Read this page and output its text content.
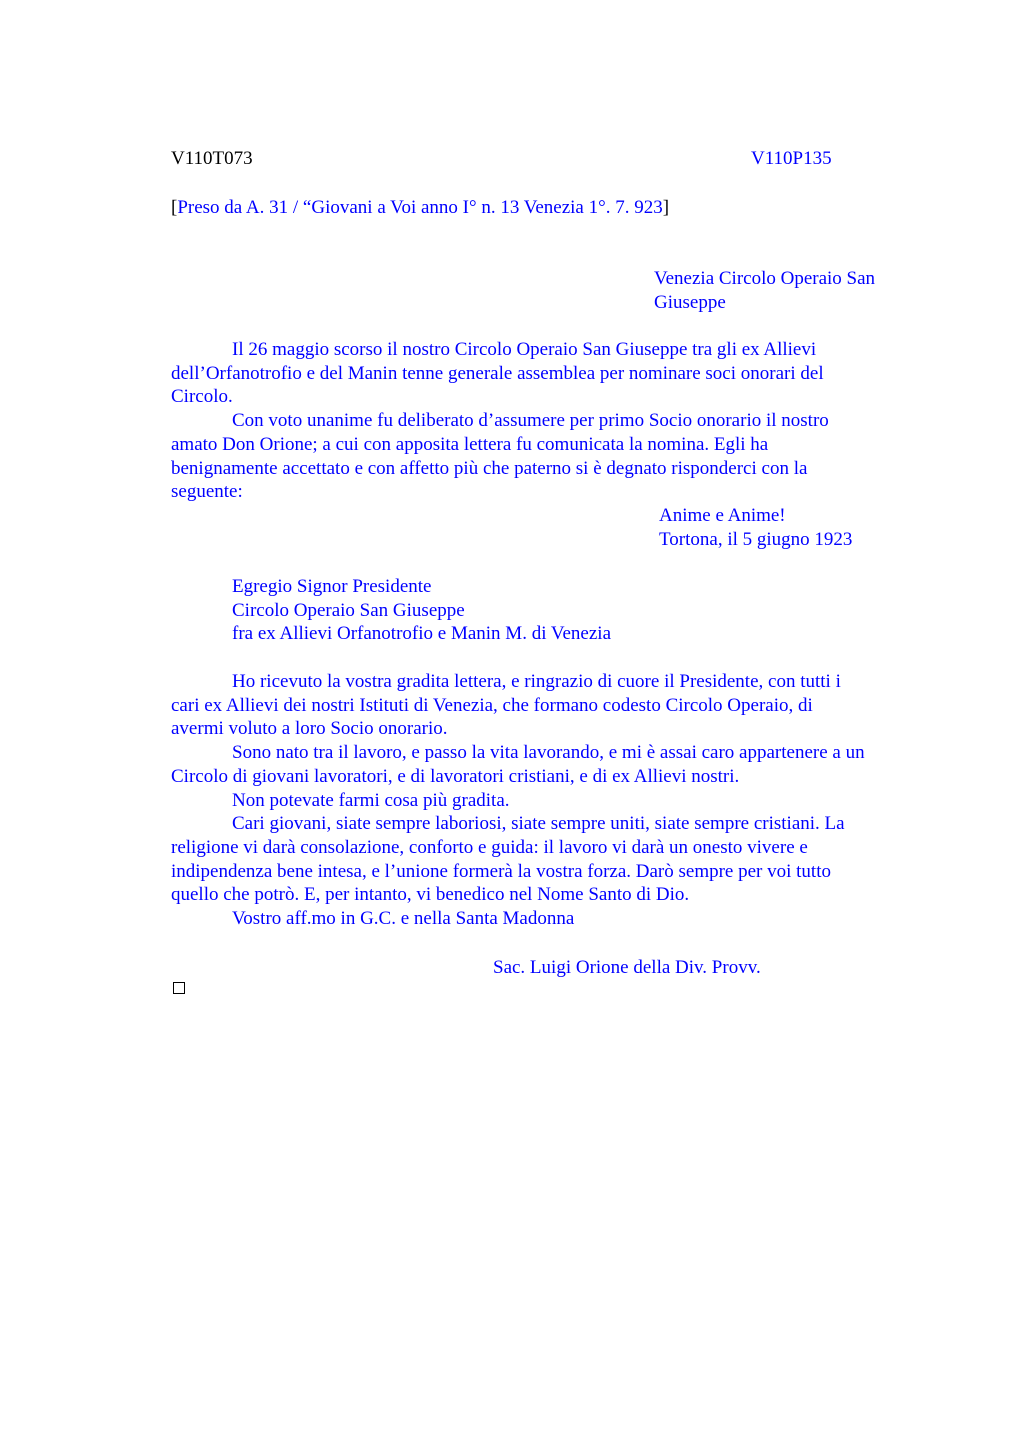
V110T073	V110P135
[Preso da A. 31 / “Giovani a Voi anno I° n. 13 Venezia 1°. 7. 923]
Venezia Circolo Operaio San
Giuseppe

Il 26 maggio scorso il nostro Circolo Operaio San Giuseppe tra gli ex Allievi
dell’Orfanotrofio e del Manin tenne generale assemblea per nominare soci onorari del
Circolo.

Con voto unanime fu deliberato d’assumere per primo Socio onorario il nostro
amato Don Orione; a cui con apposita lettera fu comunicata la nomina. Egli ha
benignamente accettato e con affetto più che paterno si è degnato risponderci con la
seguente:

Anime e Anime!
Tortona, il 5 giugno 1923
Egregio Signor Presidente
Circolo Operaio San Giuseppe
fra ex Allievi Orfanotrofio e Manin M. di Venezia

Ho ricevuto la vostra gradita lettera, e ringrazio di cuore il Presidente, con tutti i
cari ex Allievi dei nostri Istituti di Venezia, che formano codesto Circolo Operaio, di
avermi voluto a loro Socio onorario.

Sono nato tra il lavoro, e passo la vita lavorando, e mi è assai caro appartenere a un
Circolo di giovani lavoratori, e di lavoratori cristiani, e di ex Allievi nostri.

Non potevate farmi cosa più gradita.

Cari giovani, siate sempre laboriosi, siate sempre uniti, siate sempre cristiani. La
religione vi darà consolazione, conforto e guida: il lavoro vi darà un onesto vivere e
indipendenza bene intesa, e l’unione formerà la vostra forza. Darò sempre per voi tutto
quello che potrò. E, per intanto, vi benedico nel Nome Santo di Dio.

Vostro aff.mo in G.C. e nella Santa Madonna

Sac. Luigi Orione della Div. Provv.
